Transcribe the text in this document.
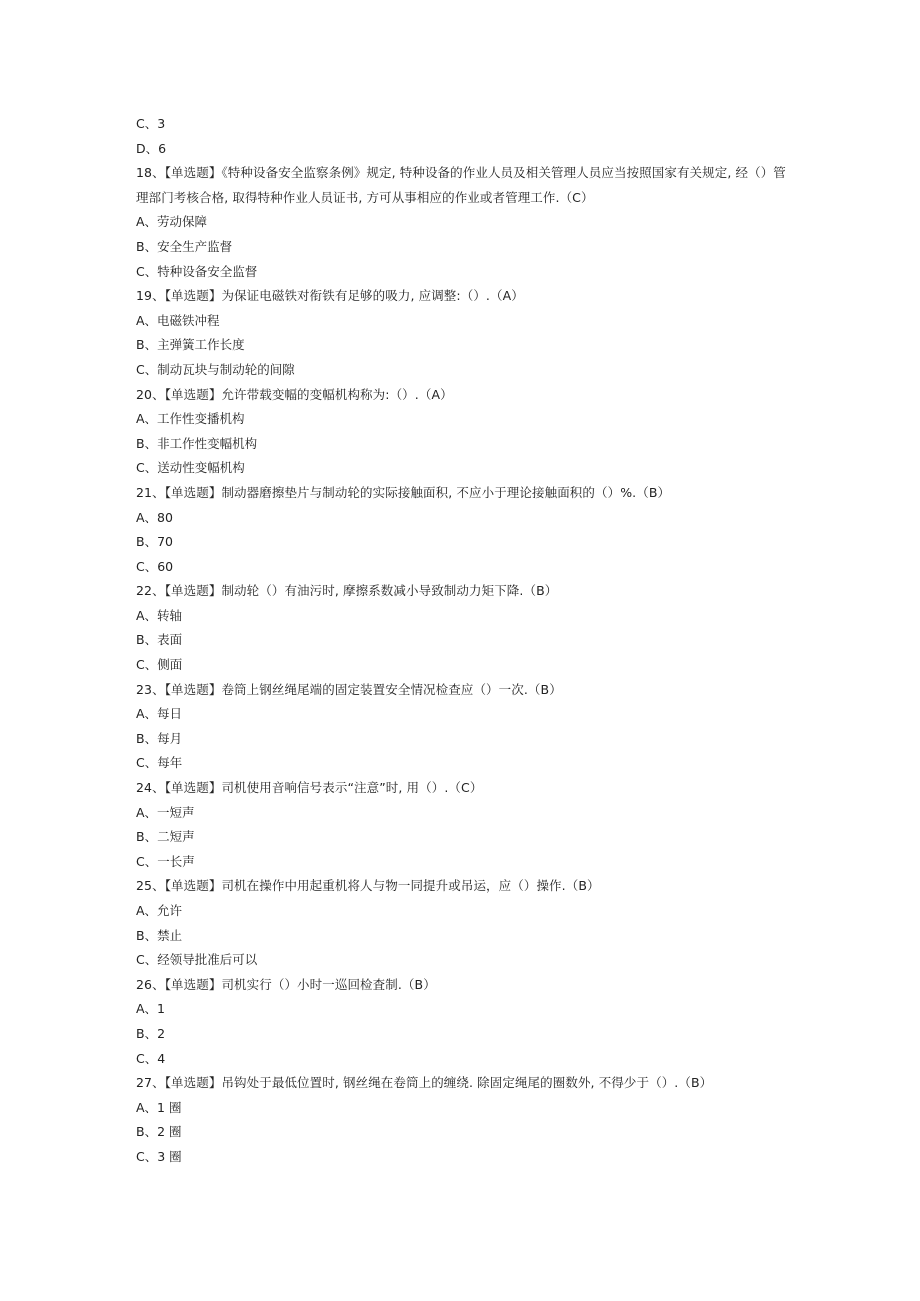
C、3
D、6
18、【单选题】《特种设备安全监察条例》规定, 特种设备的作业人员及相关管理人员应当按照国家有关规定, 经（）管
理部门考核合格, 取得特种作业人员证书, 方可从事相应的作业或者管理工作.（C）
A、劳动保障
B、安全生产监督
C、特种设备安全监督
19、【单选题】为保证电磁铁对衔铁有足够的吸力, 应调整:（）.（A）
A、电磁铁冲程
B、主弹簧工作长度
C、制动瓦块与制动轮的间隙
20、【单选题】允许带载变幅的变幅机构称为:（）.（A）
A、工作性变播机构
B、非工作性变幅机构
C、送动性变幅机构
21、【单选题】制动器磨擦垫片与制动轮的实际接触面积, 不应小于理论接触面积的（）%.（B）
A、80
B、70
C、60
22、【单选题】制动轮（）有油污时, 摩擦系数减小导致制动力矩下降.（B）
A、转轴
B、表面
C、侧面
23、【单选题】卷筒上钢丝绳尾端的固定装置安全情况检查应（）一次.（B）
A、每日
B、每月
C、每年
24、【单选题】司机使用音响信号表示“注意”时, 用（）.（C）
A、一短声
B、二短声
C、一长声
25、【单选题】司机在操作中用起重机将人与物一同提升或吊运，应（）操作.（B）
A、允许
B、禁止
C、经领导批准后可以
26、【单选题】司机实行（）小时一巡回检査制.（B）
A、1
B、2
C、4
27、【单选题】吊钩处于最低位置时, 钢丝绳在卷筒上的缠绕. 除固定绳尾的圈数外, 不得少于（）.（B）
A、1 圈
B、2 圈
C、3 圈
